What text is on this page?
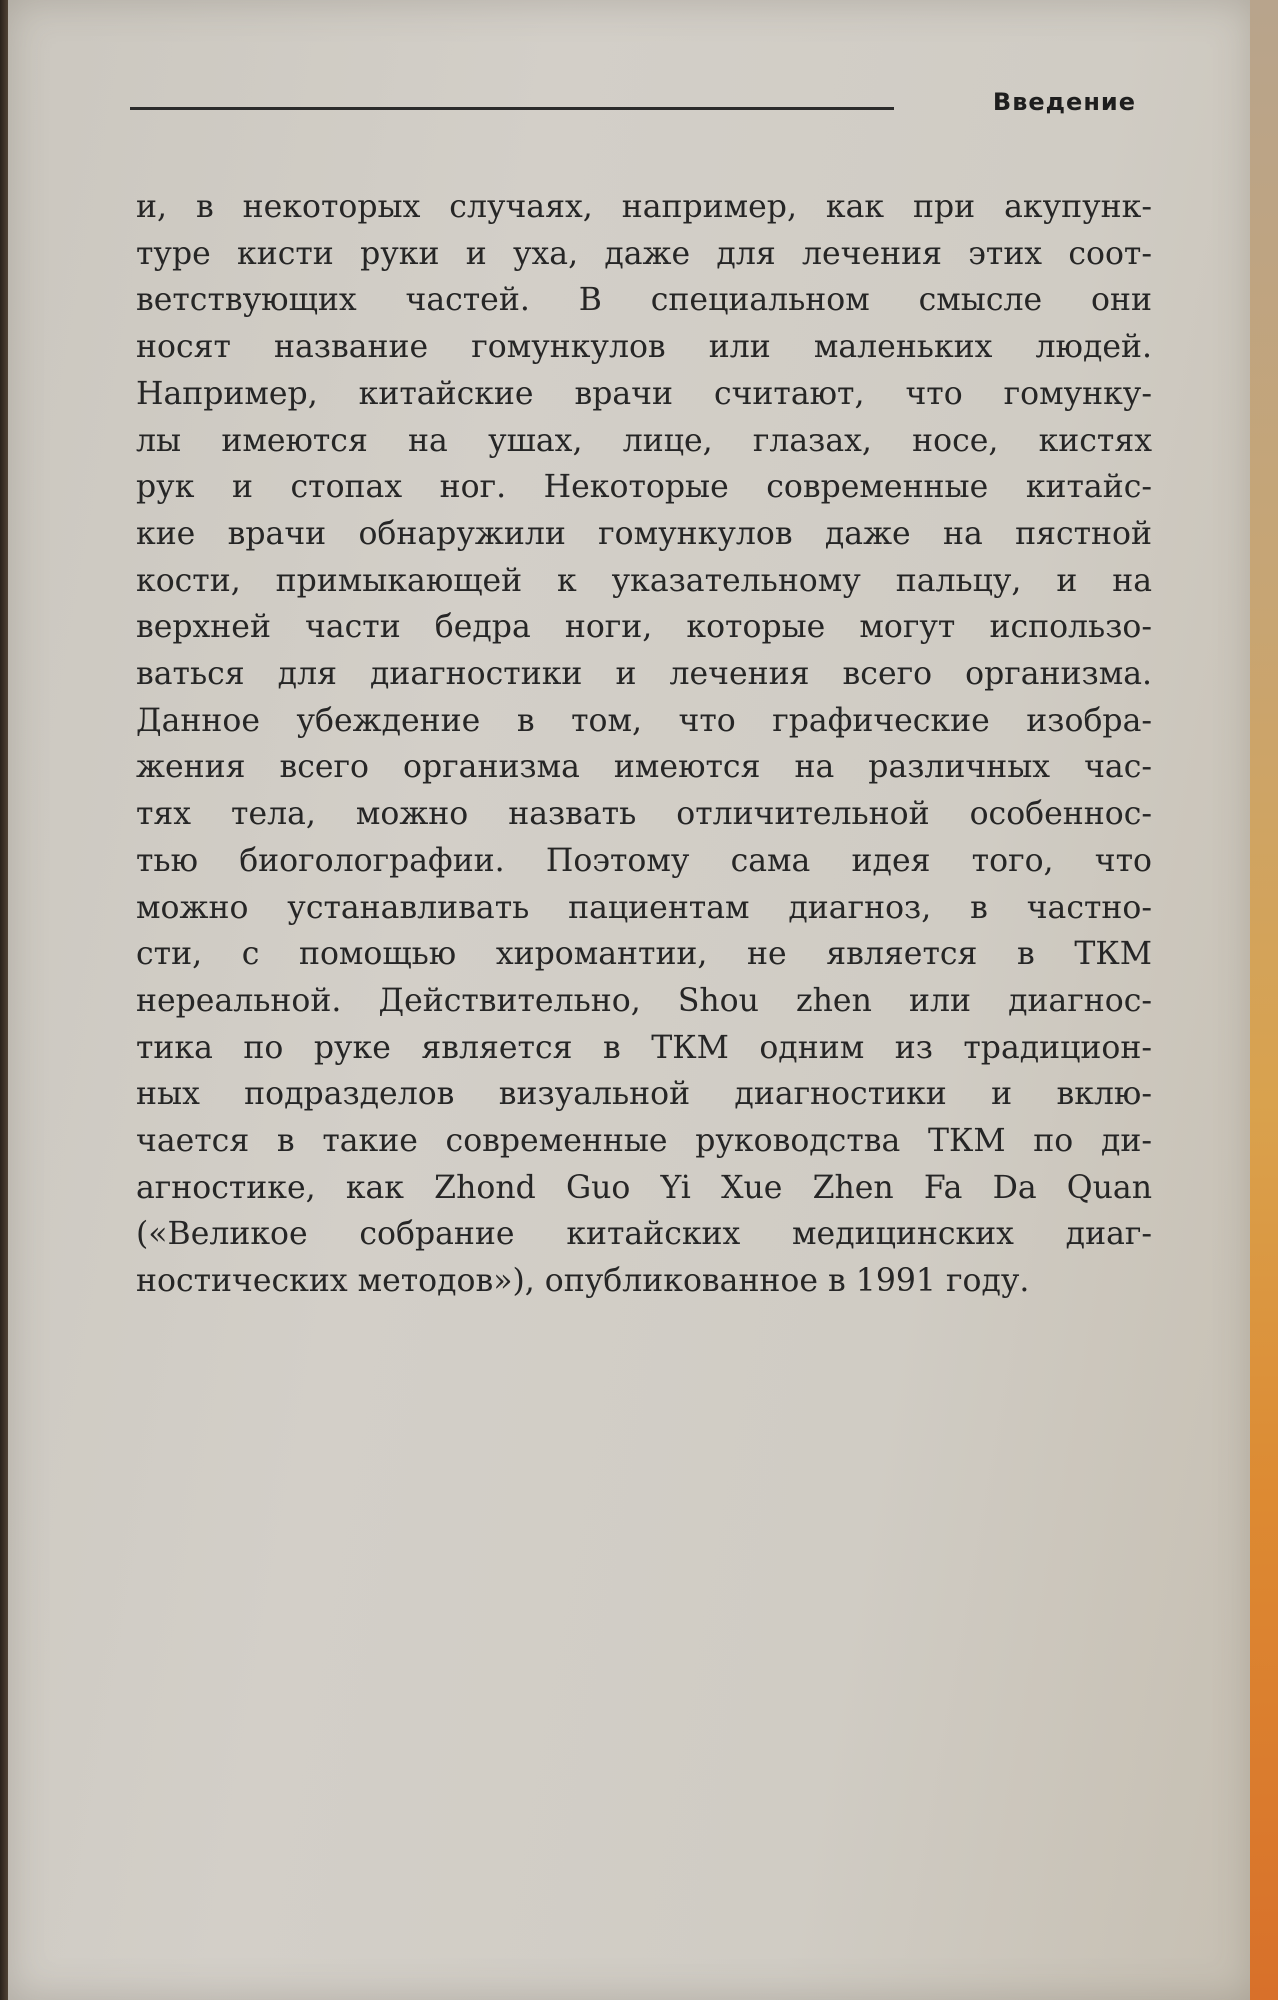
Введение
и, в некоторых случаях, например, как при акупунк-
туре кисти руки и уха, даже для лечения этих соот-
ветствующих частей. В специальном смысле они
носят название гомункулов или маленьких людей.
Например, китайские врачи считают, что гомунку-
лы имеются на ушах, лице, глазах, носе, кистях
рук и стопах ног. Некоторые современные китайс-
кие врачи обнаружили гомункулов даже на пястной
кости, примыкающей к указательному пальцу, и на
верхней части бедра ноги, которые могут использо-
ваться для диагностики и лечения всего организма.
Данное убеждение в том, что графические изобра-
жения всего организма имеются на различных час-
тях тела, можно назвать отличительной особеннос-
тью биоголографии. Поэтому сама идея того, что
можно устанавливать пациентам диагноз, в частно-
сти, с помощью хиромантии, не является в ТКМ
нереальной. Действительно, Shou zhen или диагнос-
тика по руке является в ТКМ одним из традицион-
ных подразделов визуальной диагностики и вклю-
чается в такие современные руководства ТКМ по ди-
агностике, как Zhond Guo Yi Xue Zhen Fa Da Quan
(«Великое собрание китайских медицинских диаг-
ностических методов»), опубликованное в 1991 году.
